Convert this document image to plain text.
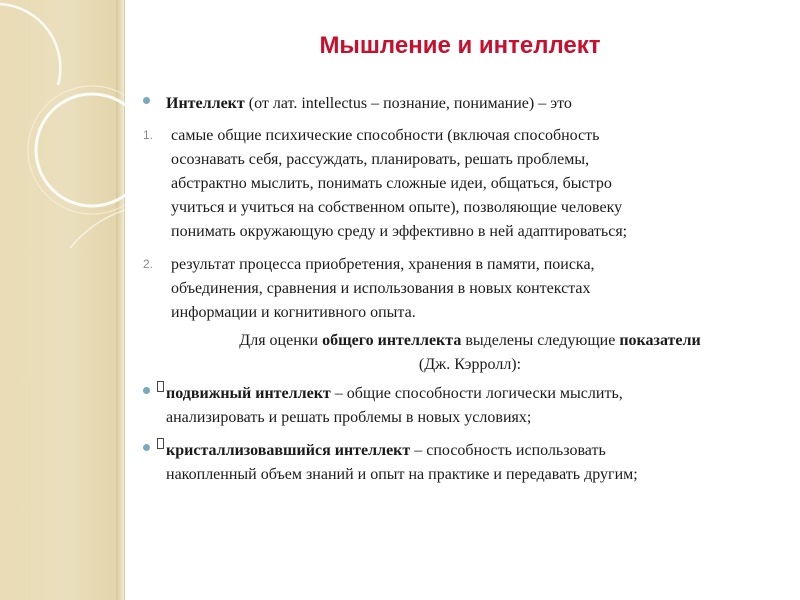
Мышление и интеллект
Интеллект (от лат. intellectus – познание, понимание) – это
1. самые общие психические способности (включая способность
осознавать себя, рассуждать, планировать, решать проблемы,
абстрактно мыслить, понимать сложные идеи, общаться, быстро
учиться и учиться на собственном опыте), позволяющие человеку
понимать окружающую среду и эффективно в ней адаптироваться;
2. результат процесса приобретения, хранения в памяти, поиска,
объединения, сравнения и использования в новых контекстах
информации и когнитивного опыта.
Для оценки общего интеллекта выделены следующие показатели
(Дж. Кэрролл):
подвижный интеллект – общие способности логически мыслить,
анализировать и решать проблемы в новых условиях;
кристаллизовавшийся интеллект – способность использовать
накопленный объем знаний и опыт на практике и передавать другим;
